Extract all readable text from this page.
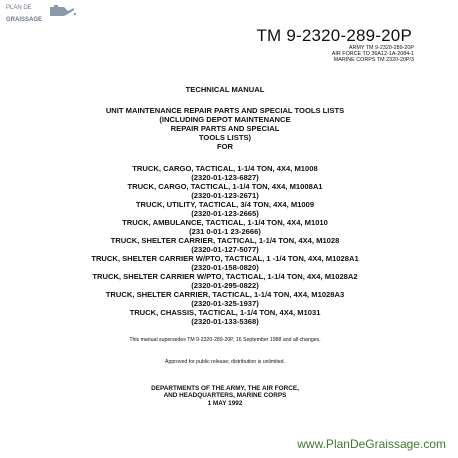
PLAN DE
GRAISSAGE
TM 9-2320-289-20P
ARMY TM 9-2320-289-20P
AIR FORCE TO 36A12-1A-2084-1
MARINE CORPS TM 2320-20P/3
TECHNICAL MANUAL
UNIT MAINTENANCE REPAIR PARTS AND SPECIAL TOOLS LISTS
(INCLUDING DEPOT MAINTENANCE
REPAIR PARTS AND SPECIAL
TOOLS LISTS)
FOR
TRUCK, CARGO, TACTICAL, 1-1/4 TON, 4X4, M1008
(2320-01-123-6827)
TRUCK, CARGO, TACTICAL, 1-1/4 TON, 4X4, M1008A1
(2320-01-123-2671)
TRUCK, UTILITY, TACTICAL, 3/4 TON, 4X4, M1009
(2320-01-123-2665)
TRUCK, AMBULANCE, TACTICAL, 1-1/4 TON, 4X4, M1010
(231 0-01-1 23-2666)
TRUCK, SHELTER CARRIER, TACTICAL, 1-1/4 TON, 4X4, M1028
(2320-01-127-5077)
TRUCK, SHELTER CARRIER W/PTO, TACTICAL, 1 -1/4 TON, 4X4, M1028A1
(2320-01-158-0820)
TRUCK, SHELTER CARRIER W/PTO, TACTICAL, 1-1/4 TON, 4X4, M1028A2
(2320-01-295-0822)
TRUCK, SHELTER CARRIER, TACTICAL, 1-1/4 TON, 4X4, M1028A3
(2320-01-325-1937)
TRUCK, CHASSIS, TACTICAL, 1-1/4 TON, 4X4, M1031
(2320-01-133-5368)
This manual supersedes TM 9-2320-289-20P, 16 September 1988 and all changes.
Approved for public release; distribution is unlimited.
DEPARTMENTS OF THE ARMY, THE AIR FORCE,
AND HEADQUARTERS, MARINE CORPS
1 MAY 1992
www.PlanDeGraissage.com
